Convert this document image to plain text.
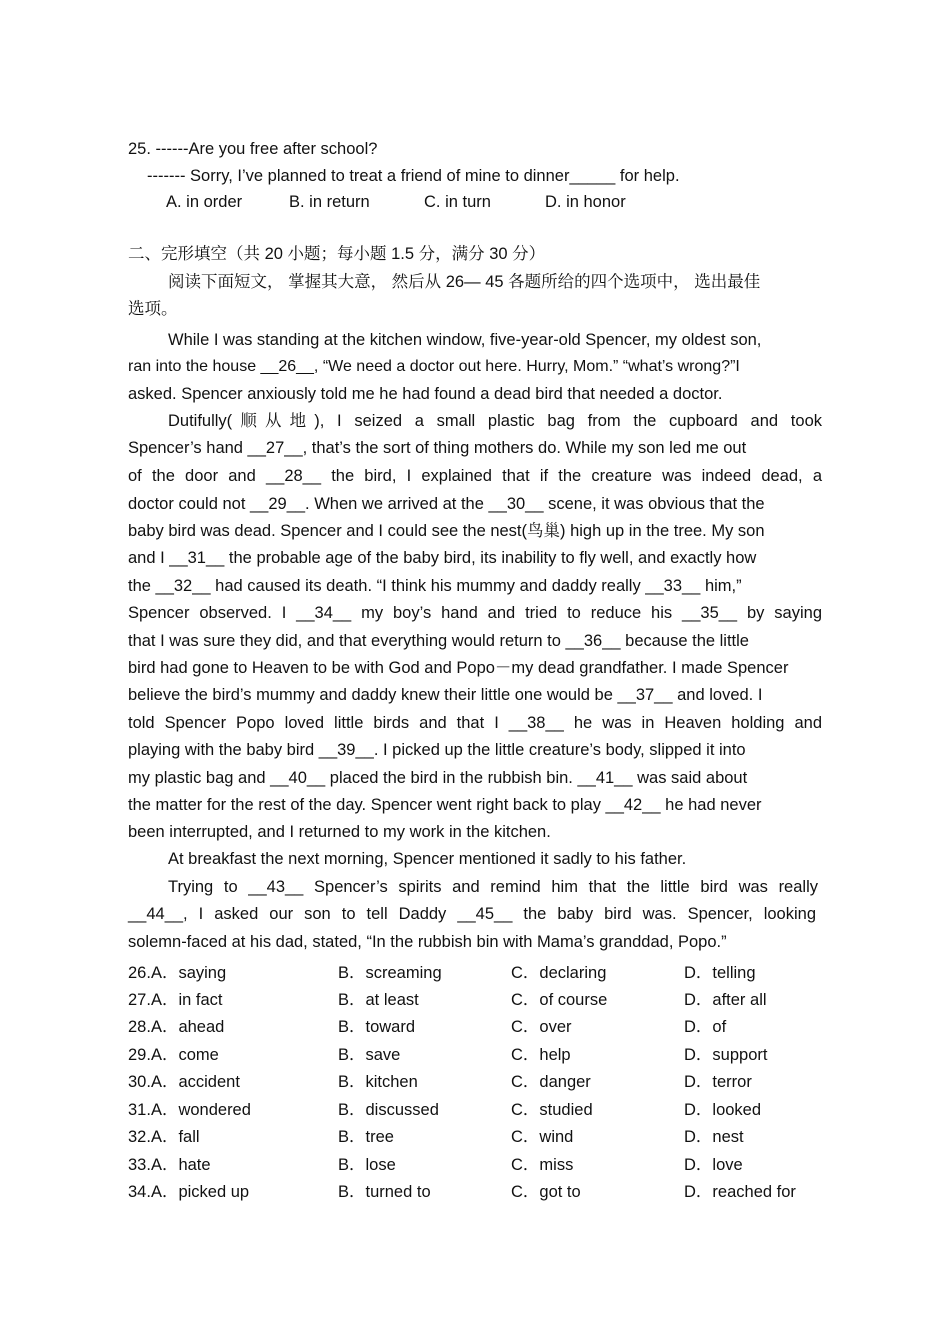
25. ------Are you free after school?
------- Sorry, I’ve planned to treat a friend of mine to dinner_____ for help.
A. in order	B. in return	C. in turn	D. in honor
二、完形填空（共 20 小题；每小题 1.5 分，满分 30 分）
阅读下面短文， 掌握其大意， 然后从 26— 45 各题所给的四个选项中， 选出最佳
选项。
While I was standing at the kitchen window, five-year-old Spencer, my oldest son,
ran into the house __26__, “We need a doctor out here. Hurry, Mom.” “what’s wrong?”I
asked. Spencer anxiously told me he had found a dead bird that needed a doctor.
Dutifully(顺从地), I seized a small plastic bag from the cupboard and took
Spencer’s hand __27__, that’s the sort of thing mothers do. While my son led me out
of the door and __28__ the bird, I explained that if the creature was indeed dead, a
doctor could not __29__. When we arrived at the __30__ scene, it was obvious that the
baby bird was dead. Spencer and I could see the nest(鸟巢) high up in the tree. My son
and I __31__ the probable age of the baby bird, its inability to fly well, and exactly how
the __32__ had caused its death. “I think his mummy and daddy really __33__ him,”
Spencer observed. I __34__ my boy’s hand and tried to reduce his __35__ by saying
that I was sure they did, and that everything would return to __36__ because the little
bird had gone to Heaven to be with God and Popo－my dead grandfather. I made Spencer
believe the bird’s mummy and daddy knew their little one would be __37__ and loved. I
told Spencer Popo loved little birds and that I __38__ he was in Heaven holding and
playing with the baby bird __39__. I picked up the little creature’s body, slipped it into
my plastic bag and __40__ placed the bird in the rubbish bin. __41__ was said about
the matter for the rest of the day. Spencer went right back to play __42__ he had never
been interrupted, and I returned to my work in the kitchen.
At breakfast the next morning, Spencer mentioned it sadly to his father.
Trying to __43__ Spencer’s spirits and remind him that the little bird was really
__44__, I asked our son to tell Daddy __45__ the baby bird was. Spencer, looking
solemn-faced at his dad, stated, “In the rubbish bin with Mama’s granddad, Popo.”
26.A．saying	B．screaming	C．declaring	D．telling
27.A．in fact	B．at least	C．of course	D．after all
28.A．ahead	B．toward	C．over	D．of
29.A．come	B．save	C．help	D．support
30.A．accident	B．kitchen	C．danger	D．terror
31.A．wondered	B．discussed	C．studied	D．looked
32.A．fall	B．tree	C．wind	D．nest
33.A．hate	B．lose	C．miss	D．love
34.A．picked up	B．turned to	C．got to	D．reached for
